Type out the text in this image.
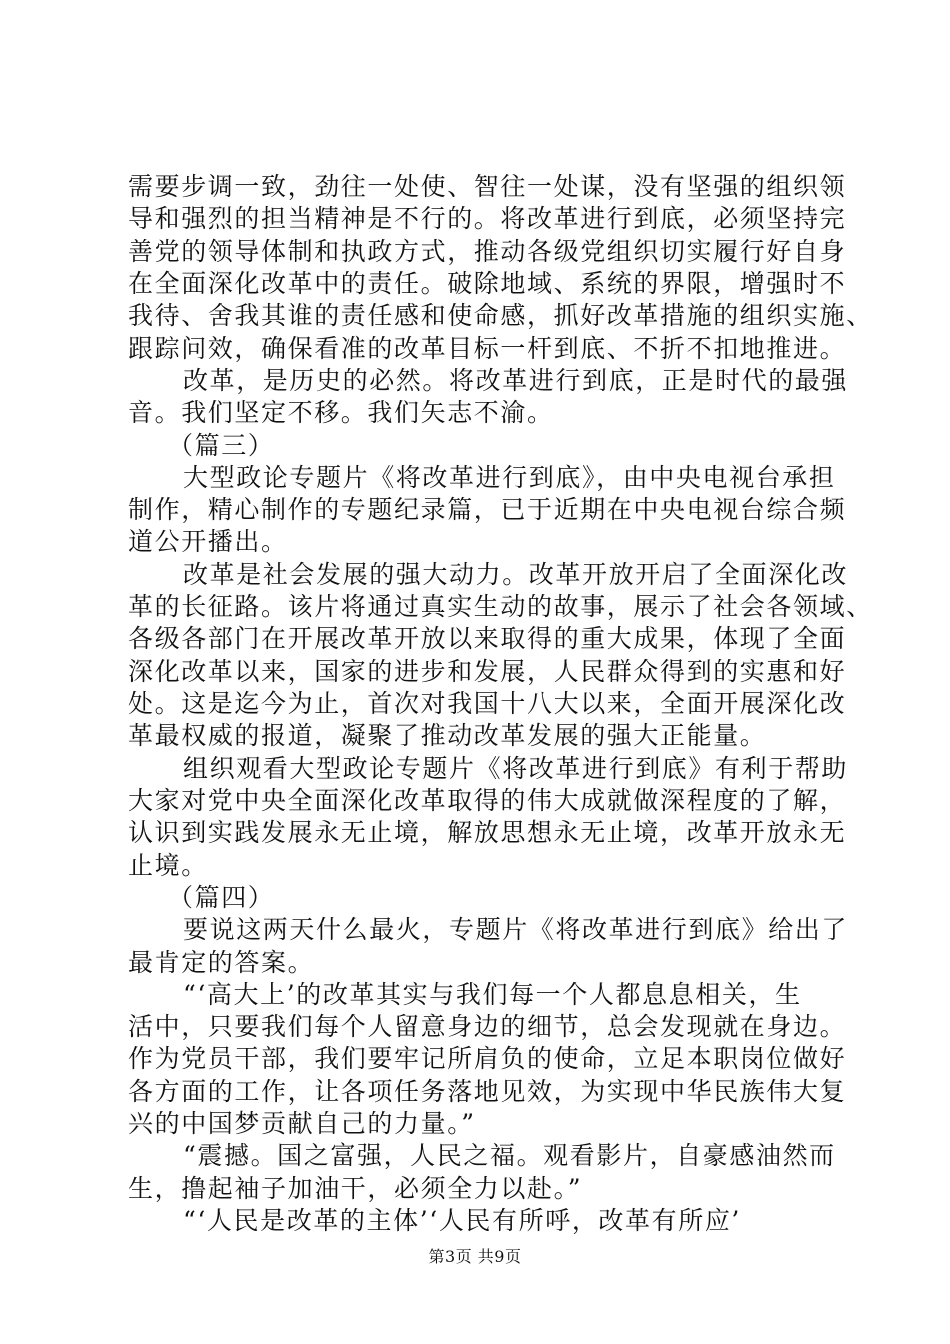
需要步调一致，劲往一处使、智往一处谋，没有坚强的组织领
导和强烈的担当精神是不行的。将改革进行到底，必须坚持完
善党的领导体制和执政方式，推动各级党组织切实履行好自身
在全面深化改革中的责任。破除地域、系统的界限，增强时不
我待、舍我其谁的责任感和使命感，抓好改革措施的组织实施、
跟踪问效，确保看准的改革目标一杆到底、不折不扣地推进。
改革，是历史的必然。将改革进行到底，正是时代的最强
音。我们坚定不移。我们矢志不渝。
（篇三）
大型政论专题片《将改革进行到底》，由中央电视台承担
制作，精心制作的专题纪录篇，已于近期在中央电视台综合频
道公开播出。
改革是社会发展的强大动力。改革开放开启了全面深化改
革的长征路。该片将通过真实生动的故事，展示了社会各领域、
各级各部门在开展改革开放以来取得的重大成果，体现了全面
深化改革以来，国家的进步和发展，人民群众得到的实惠和好
处。这是迄今为止，首次对我国十八大以来，全面开展深化改
革最权威的报道，凝聚了推动改革发展的强大正能量。
组织观看大型政论专题片《将改革进行到底》有利于帮助
大家对党中央全面深化改革取得的伟大成就做深程度的了解，
认识到实践发展永无止境，解放思想永无止境，改革开放永无
止境。
（篇四）
要说这两天什么最火，专题片《将改革进行到底》给出了
最肯定的答案。
“‘高大上’的改革其实与我们每一个人都息息相关，生
活中，只要我们每个人留意身边的细节，总会发现就在身边。
作为党员干部，我们要牢记所肩负的使命，立足本职岗位做好
各方面的工作，让各项任务落地见效，为实现中华民族伟大复
兴的中国梦贡献自己的力量。”
“震撼。国之富强，人民之福。观看影片，自豪感油然而
生，撸起袖子加油干，必须全力以赴。”
“‘人民是改革的主体’‘人民有所呼，改革有所应’
第3页 共9页
